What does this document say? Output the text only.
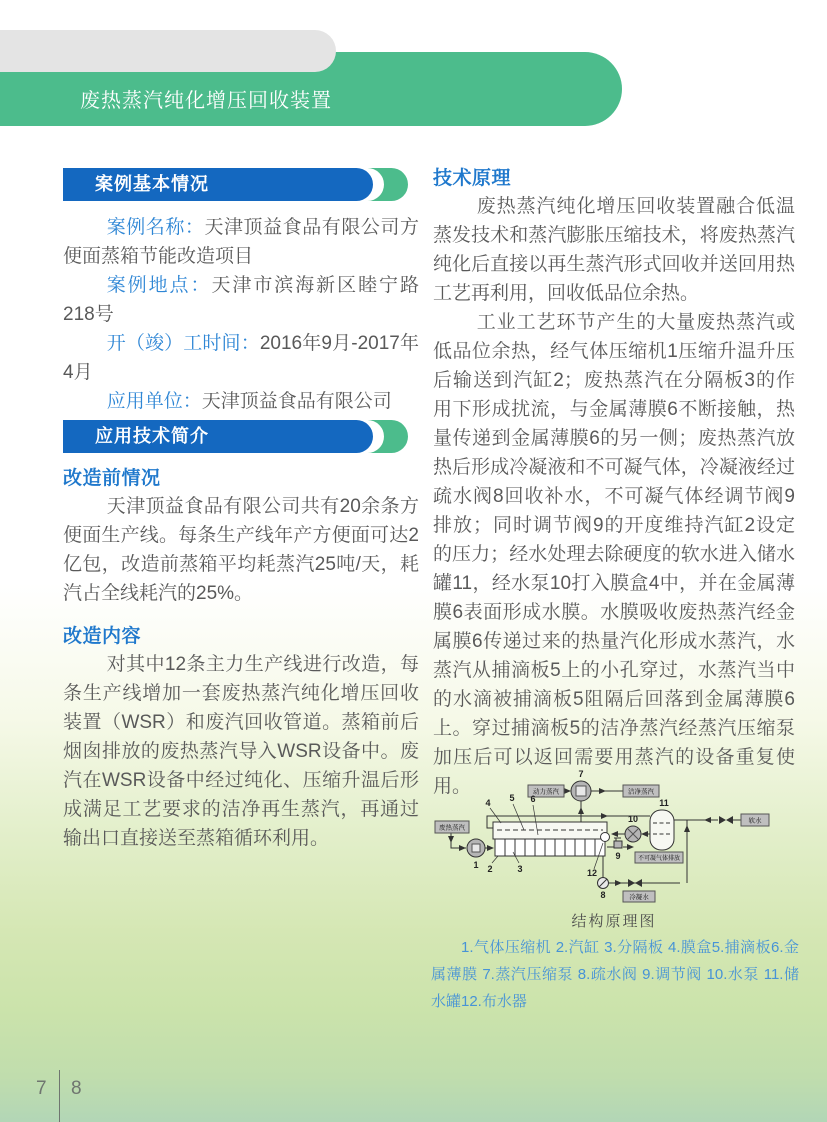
废热蒸汽纯化增压回收装置
案例基本情况

案例名称：天津顶益食品有限公司方便面蒸箱节能改造项目

案例地点：天津市滨海新区睦宁路218号

开（竣）工时间：2016年9月-2017年4月

应用单位：天津顶益食品有限公司

应用技术简介
改造前情况

天津顶益食品有限公司共有20余条方便面生产线。每条生产线年产方便面可达2亿包，改造前蒸箱平均耗蒸汽25吨/天，耗汽占全线耗汽的25%。

改造内容

对其中12条主力生产线进行改造，每条生产线增加一套废热蒸汽纯化增压回收装置（WSR）和废汽回收管道。蒸箱前后烟囱排放的废热蒸汽导入WSR设备中。废汽在WSR设备中经过纯化、压缩升温后形成满足工艺要求的洁净再生蒸汽，再通过输出口直接送至蒸箱循环利用。

技术原理

废热蒸汽纯化增压回收装置融合低温蒸发技术和蒸汽膨胀压缩技术，将废热蒸汽纯化后直接以再生蒸汽形式回收并送回用热工艺再利用，回收低品位余热。

工业工艺环节产生的大量废热蒸汽或低品位余热，经气体压缩机1压缩升温升压后输送到汽缸2；废热蒸汽在分隔板3的作用下形成扰流，与金属薄膜6不断接触，热量传递到金属薄膜6的另一侧；废热蒸汽放热后形成冷凝液和不可凝气体，冷凝液经过疏水阀8回收补水，不可凝气体经调节阀9排放；同时调节阀9的开度维持汽缸2设定的压力；经水处理去除硬度的软水进入储水罐11，经水泵10打入膜盒4中，并在金属薄膜6表面形成水膜。水膜吸收废热蒸汽经金属膜6传递过来的热量汽化形成水蒸汽，水蒸汽从捕滴板5上的小孔穿过，水蒸汽当中的水滴被捕滴板5阻隔后回落到金属薄膜6上。穿过捕滴板5的洁净蒸汽经蒸汽压缩泵加压后可以返回需要用蒸汽的设备重复使用。	动力蒸汽	洁净蒸汽
废热蒸汽
软水
不可凝气体排放
冷凝水
1 2	3
4 5 6
7
8
9
10
11
12
结构原理图

1.气体压缩机 2.汽缸 3.分隔板 4.膜盒5.捕滴板6.金属薄膜 7.蒸汽压缩泵 8.疏水阀 9.调节阀 10.水泵 11.储水罐12.布水器

7 8
